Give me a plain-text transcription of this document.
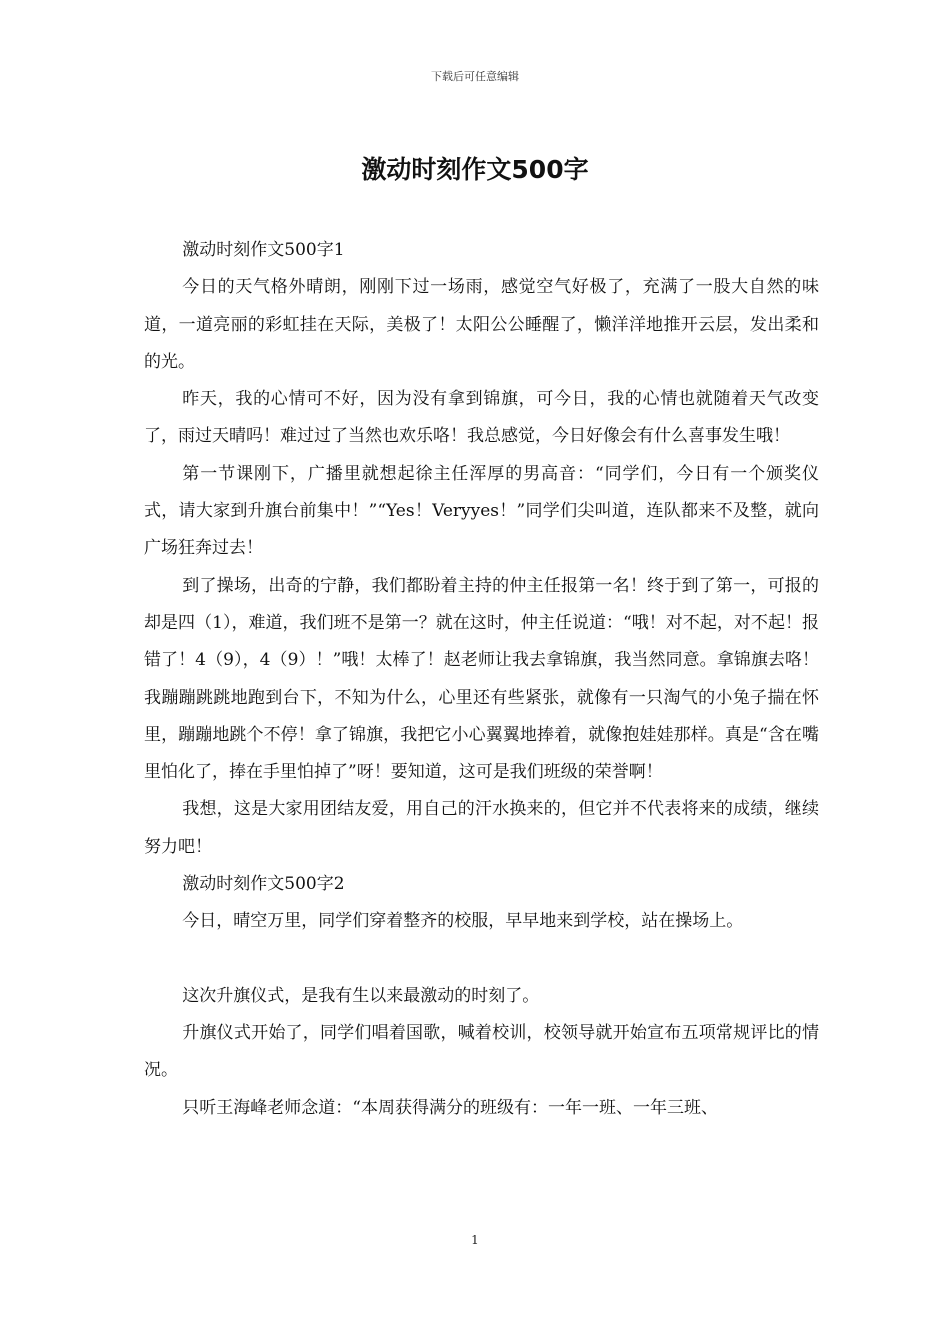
下载后可任意编辑
激动时刻作文500字

激动时刻作文500字1

今日的天气格外晴朗，刚刚下过一场雨，感觉空气好极了，充满了一股大自然的味道，一道亮丽的彩虹挂在天际，美极了！太阳公公睡醒了，懒洋洋地推开云层，发出柔和的光。

昨天，我的心情可不好，因为没有拿到锦旗，可今日，我的心情也就随着天气改变了，雨过天晴吗！难过过了当然也欢乐咯！我总感觉，今日好像会有什么喜事发生哦！

第一节课刚下，广播里就想起徐主任浑厚的男高音：“同学们，今日有一个颁奖仪式，请大家到升旗台前集中！”“Yes！Veryyes！”同学们尖叫道，连队都来不及整，就向广场狂奔过去！

到了操场，出奇的宁静，我们都盼着主持的仲主任报第一名！终于到了第一，可报的却是四（1），难道，我们班不是第一？就在这时，仲主任说道：“哦！对不起，对不起！报错了！4（9），4（9）！”哦！太棒了！赵老师让我去拿锦旗，我当然同意。拿锦旗去咯！我蹦蹦跳跳地跑到台下，不知为什么，心里还有些紧张，就像有一只淘气的小兔子揣在怀里，蹦蹦地跳个不停！拿了锦旗，我把它小心翼翼地捧着，就像抱娃娃那样。真是“含在嘴里怕化了，捧在手里怕掉了”呀！要知道，这可是我们班级的荣誉啊！

我想，这是大家用团结友爱，用自己的汗水换来的，但它并不代表将来的成绩，继续努力吧！

激动时刻作文500字2

今日，晴空万里，同学们穿着整齐的校服，早早地来到学校，站在操场上。

这次升旗仪式，是我有生以来最激动的时刻了。

升旗仪式开始了，同学们唱着国歌，喊着校训，校领导就开始宣布五项常规评比的情况。

只听王海峰老师念道：“本周获得满分的班级有：一年一班、一年三班、

1
